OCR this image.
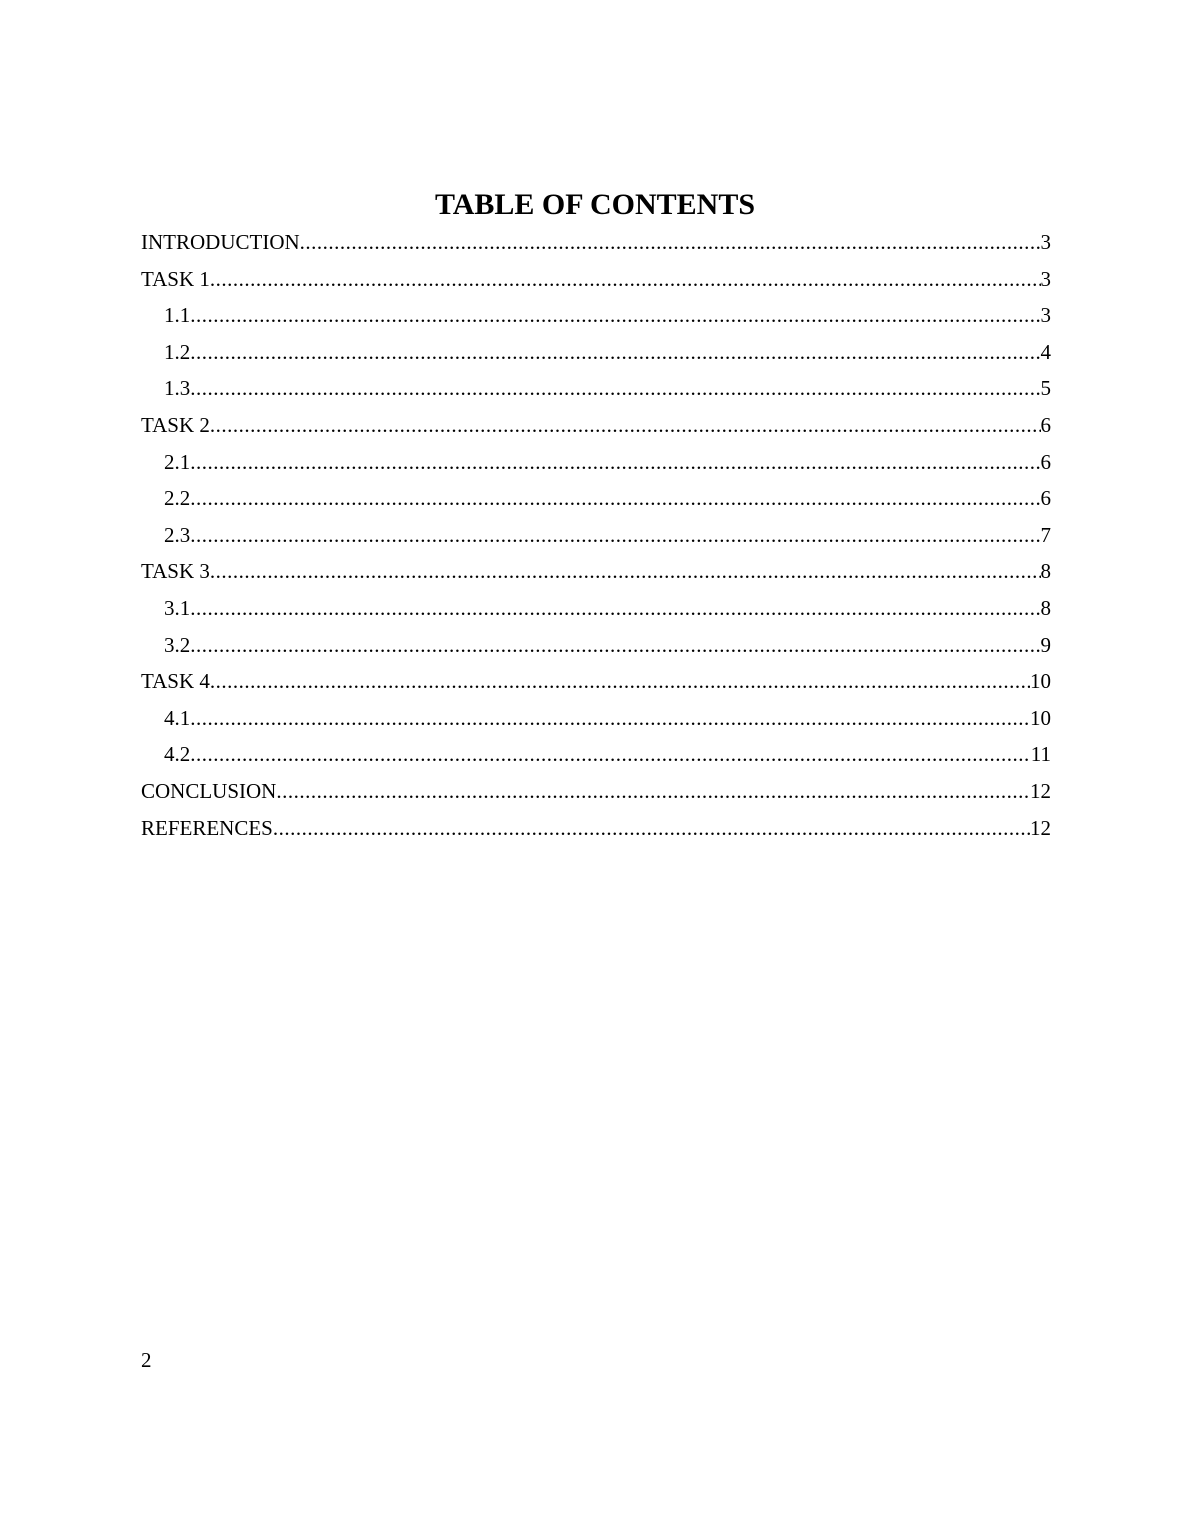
TABLE OF CONTENTS
INTRODUCTION .....	3
TASK 1 .....	3
1.1 .....	3
1.2 .....	4
1.3 .....	5
TASK 2 .....	6
2.1 .....	6
2.2 .....	6
2.3 .....	7
TASK 3 .....	8
3.1 .....	8
3.2 .....	9
TASK 4 .....	10
4.1 .....	10
4.2 .....	11
CONCLUSION .....	12
REFERENCES .....	12
2
